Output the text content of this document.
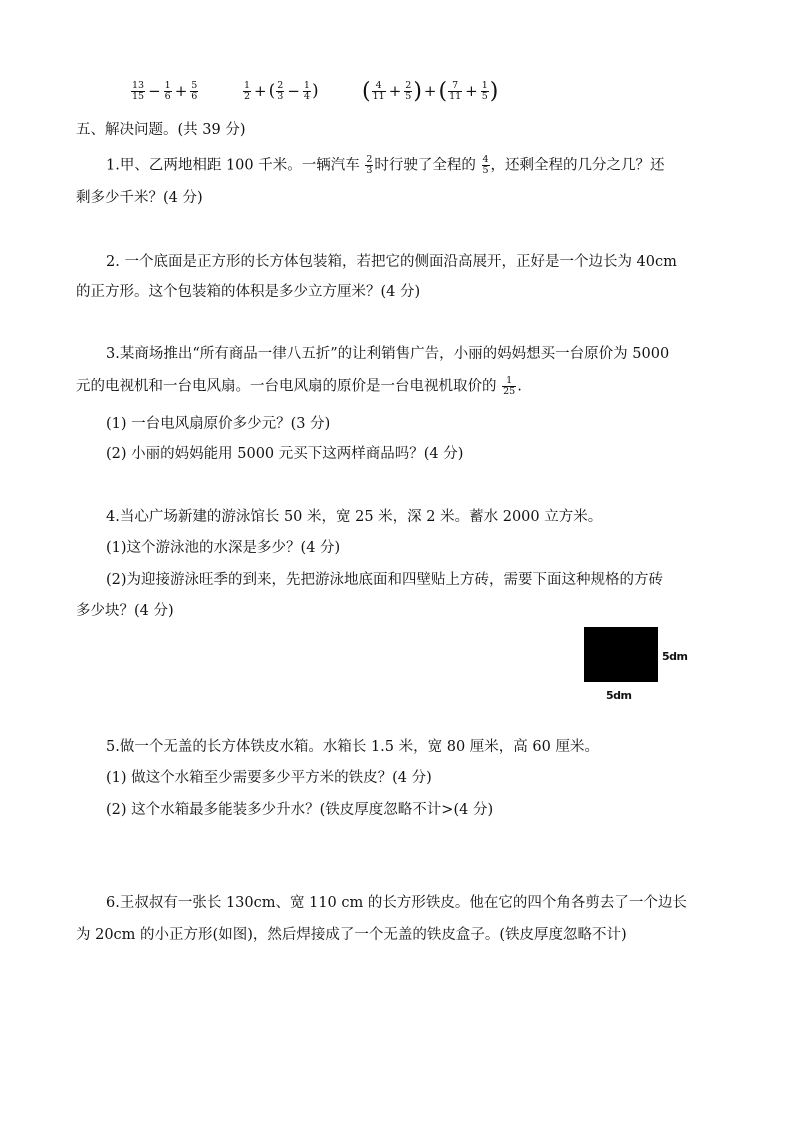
$\frac{13}{15} - \frac{1}{6} + \frac{5}{6}$	$\frac{1}{2}$ + ( $\frac{2}{3} - \frac{1}{4}$ ) ( $\frac{4}{11} + \frac{2}{5}$ ) + ( $\frac{7}{11} + \frac{1}{5}$ )
五、解决问题。(共 39 分)
1.甲、乙两地相距 100 千米。一辆汽车 $\frac{2}{3}$ 时行驶了全程的 $\frac{4}{5}$ ，还剩全程的几分之几？还
剩多少千米？(4 分)
2. 一个底面是正方形的长方体包装箱，若把它的侧面沿高展开，正好是一个边长为 40cm
的正方形。这个包装箱的体积是多少立方厘米？(4 分)
3.某商场推出“所有商品一律八五折”的让利销售广告，小丽的妈妈想买一台原价为 5000
元的电视机和一台电风扇。一台电风扇的原价是一台电视机取价的 $\frac{1}{25}$ .
(1) 一台电风扇原价多少元？(3 分)
(2) 小丽的妈妈能用 5000 元买下这两样商品吗？(4 分)
4.当心广场新建的游泳馆长 50 米，宽 25 米，深 2 米。蓄水 2000 立方米。
(1)这个游泳池的水深是多少？(4 分)
(2)为迎接游泳旺季的到来，先把游泳地底面和四壁贴上方砖，需要下面这种规格的方砖
多少块？(4 分)
5dm
5dm
5.做一个无盖的长方体铁皮水箱。水箱长 1.5 米，宽 80 厘米，高 60 厘米。
(1) 做这个水箱至少需要多少平方米的铁皮？(4 分)
(2) 这个水箱最多能装多少升水？(铁皮厚度忽略不计>(4 分)
6.王叔叔有一张长 130cm、宽 110 cm 的长方形铁皮。他在它的四个角各剪去了一个边长
为 20cm 的小正方形(如图)，然后焊接成了一个无盖的铁皮盒子。(铁皮厚度忽略不计)
